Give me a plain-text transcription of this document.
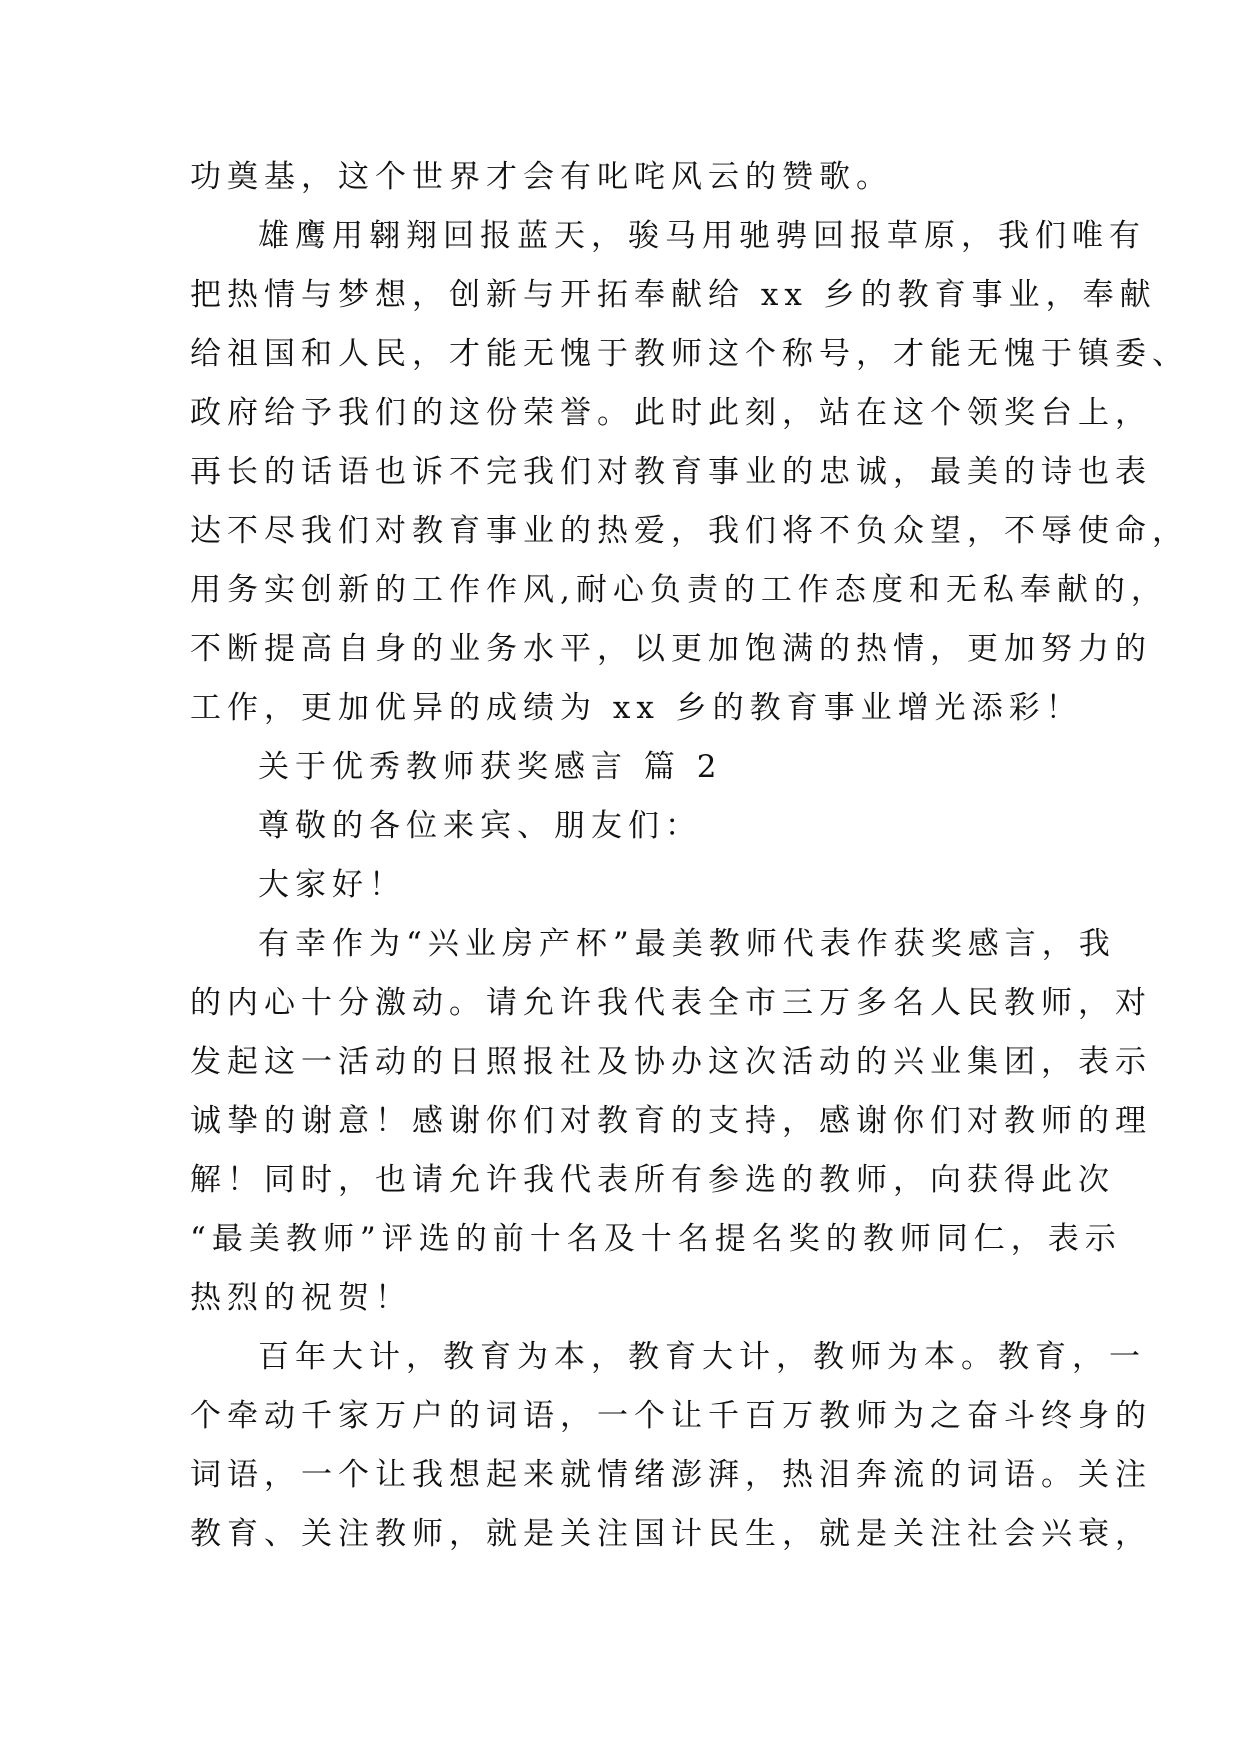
功奠基，这个世界才会有叱咤风云的赞歌。
雄鹰用翱翔回报蓝天，骏马用驰骋回报草原，我们唯有
把热情与梦想，创新与开拓奉献给 xx 乡的教育事业，奉献
给祖国和人民，才能无愧于教师这个称号，才能无愧于镇委、
政府给予我们的这份荣誉。此时此刻，站在这个领奖台上，
再长的话语也诉不完我们对教育事业的忠诚，最美的诗也表
达不尽我们对教育事业的热爱，我们将不负众望，不辱使命，
用务实创新的工作作风,耐心负责的工作态度和无私奉献的，
不断提高自身的业务水平，以更加饱满的热情，更加努力的
工作，更加优异的成绩为 xx 乡的教育事业增光添彩！
关于优秀教师获奖感言 篇 2
尊敬的各位来宾、朋友们：
大家好！
有幸作为“兴业房产杯”最美教师代表作获奖感言，我
的内心十分激动。请允许我代表全市三万多名人民教师，对
发起这一活动的日照报社及协办这次活动的兴业集团，表示
诚挚的谢意！感谢你们对教育的支持，感谢你们对教师的理
解！同时，也请允许我代表所有参选的教师，向获得此次
“最美教师”评选的前十名及十名提名奖的教师同仁，表示
热烈的祝贺！
百年大计，教育为本，教育大计，教师为本。教育，一
个牵动千家万户的词语，一个让千百万教师为之奋斗终身的
词语，一个让我想起来就情绪澎湃，热泪奔流的词语。关注
教育、关注教师，就是关注国计民生，就是关注社会兴衰，
